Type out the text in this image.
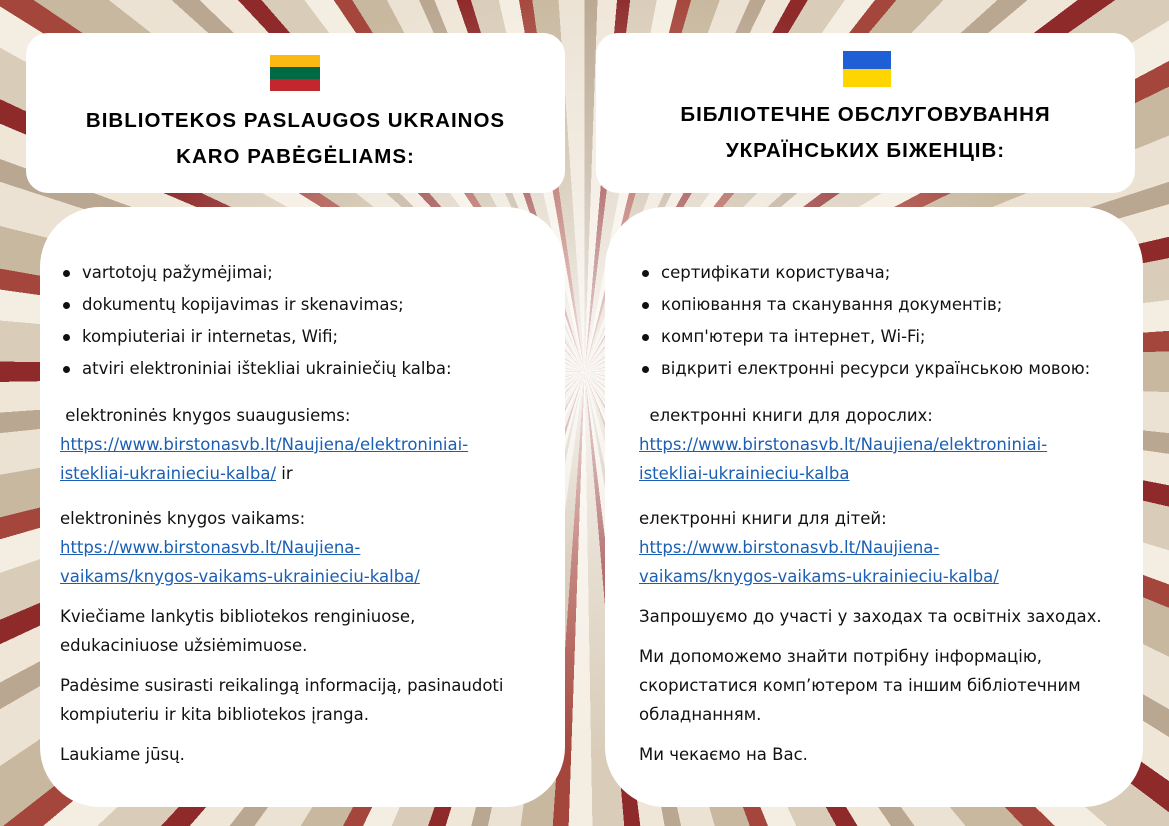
BIBLIOTEKOS PASLAUGOS UKRAINOS
KARO PABĖGĖLIAMS:
БІБЛІОТЕЧНЕ ОБСЛУГОВУВАННЯ
УКРАЇНСЬКИХ БІЖЕНЦІВ:
vartotojų pažymėjimai;
dokumentų kopijavimas ir skenavimas;
kompiuteriai ir internetas, Wifi;
atviri elektroniniai ištekliai ukrainiečių kalba:

elektroninės knygos suaugusiems:

https://www.birstonasvb.lt/Naujiena/elektroniniai-
istekliai-ukrainieciu-kalba/ ir

elektroninės knygos vaikams:

https://www.birstonasvb.lt/Naujiena-
vaikams/knygos-vaikams-ukrainieciu-kalba/

Kviečiame lankytis bibliotekos renginiuose,
edukaciniuose užsiėmimuose.

Padėsime susirasti reikalingą informaciją, pasinaudoti
kompiuteriu ir kita bibliotekos įranga.

Laukiame jūsų.

сертифікати користувача;
копіювання та сканування документів;
комп'ютери та інтернет, Wi-Fi;
відкриті електронні ресурси українською мовою:

електронні книги для дорослих:

https://www.birstonasvb.lt/Naujiena/elektroniniai-
istekliai-ukrainieciu-kalba

електронні книги для дітей:

https://www.birstonasvb.lt/Naujiena-
vaikams/knygos-vaikams-ukrainieciu-kalba/

Запрошуємо до участі у заходах та освітніх заходах.

Ми допоможемо знайти потрібну інформацію,
скористатися комп’ютером та іншим бібліотечним
обладнанням.

Ми чекаємо на Вас.
